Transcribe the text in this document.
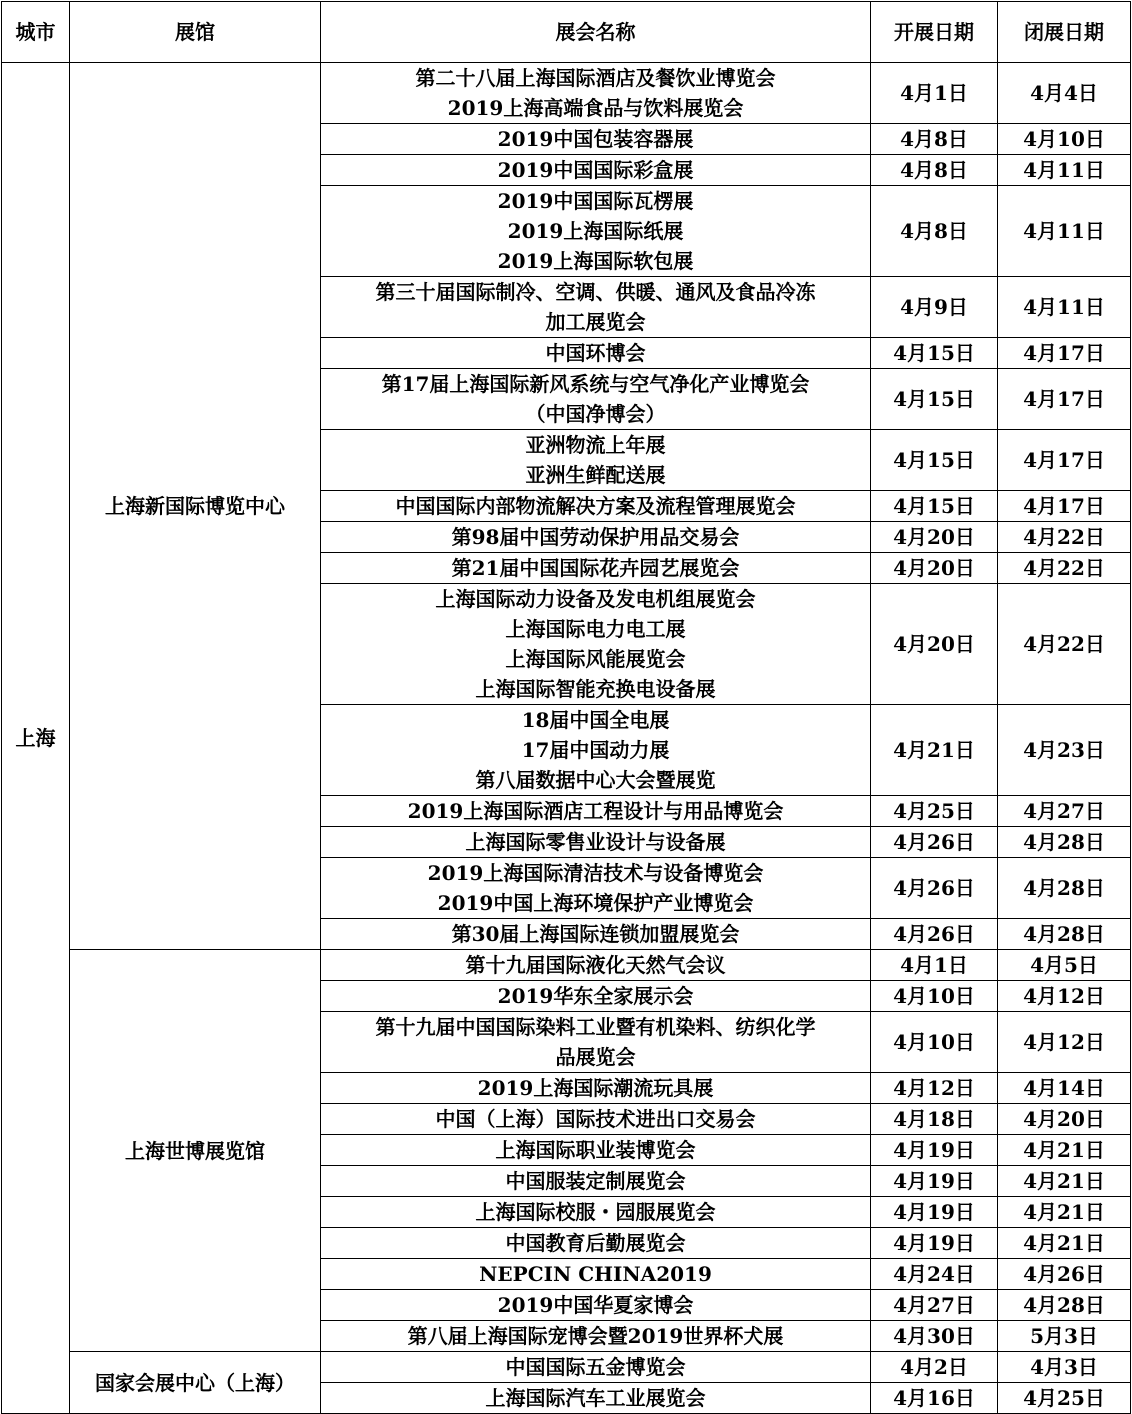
城市	展馆	展会名称	开展日期	闭展日期
上海	上海新国际博览中心	第二十八届上海国际酒店及餐饮业博览会
2019上海高端食品与饮料展览会	4月1日	4月4日

		2019中国包装容器展	4月8日	4月10日

		2019中国国际彩盒展	4月8日	4月11日

		2019中国国际瓦楞展
2019上海国际纸展
2019上海国际软包展	4月8日	4月11日

		第三十届国际制冷、空调、供暖、通风及食品冷冻
加工展览会	4月9日	4月11日

		中国环博会	4月15日	4月17日

		第17届上海国际新风系统与空气净化产业博览会
（中国净博会）	4月15日	4月17日

		亚洲物流上年展
亚洲生鲜配送展	4月15日	4月17日

		中国国际内部物流解决方案及流程管理展览会	4月15日	4月17日

		第98届中国劳动保护用品交易会	4月20日	4月22日

		第21届中国国际花卉园艺展览会	4月20日	4月22日

		上海国际动力设备及发电机组展览会
上海国际电力电工展
上海国际风能展览会
上海国际智能充换电设备展	4月20日	4月22日

		18届中国全电展
17届中国动力展
第八届数据中心大会暨展览	4月21日	4月23日

		2019上海国际酒店工程设计与用品博览会	4月25日	4月27日

		上海国际零售业设计与设备展	4月26日	4月28日

		2019上海国际清洁技术与设备博览会
2019中国上海环境保护产业博览会	4月26日	4月28日

		第30届上海国际连锁加盟展览会	4月26日	4月28日
	上海世博展览馆	第十九届国际液化天然气会议	4月1日	4月5日

		2019华东全家展示会	4月10日	4月12日

		第十九届中国国际染料工业暨有机染料、纺织化学
品展览会	4月10日	4月12日

		2019上海国际潮流玩具展	4月12日	4月14日

		中国（上海）国际技术进出口交易会	4月18日	4月20日

		上海国际职业装博览会	4月19日	4月21日

		中国服装定制展览会	4月19日	4月21日

		上海国际校服・园服展览会	4月19日	4月21日

		中国教育后勤展览会	4月19日	4月21日

		NEPCIN CHINA2019	4月24日	4月26日

		2019中国华夏家博会	4月27日	4月28日

		第八届上海国际宠博会暨2019世界杯犬展	4月30日	5月3日
	国家会展中心（上海）	中国国际五金博览会	4月2日	4月3日

		上海国际汽车工业展览会	4月16日	4月25日
